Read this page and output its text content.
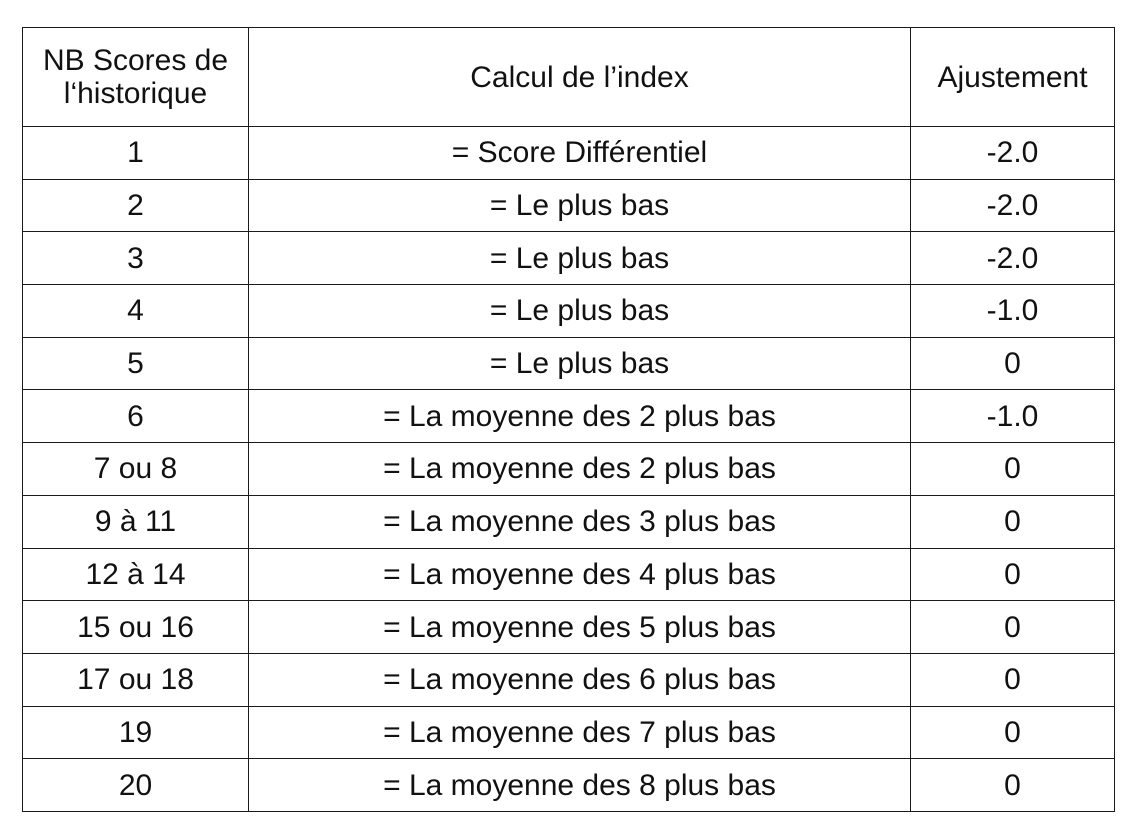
NB Scores de
l‘historique	Calcul de l’index	Ajustement
1	= Score Différentiel	-2.0
2	= Le plus bas	-2.0
3	= Le plus bas	-2.0
4	= Le plus bas	-1.0
5	= Le plus bas	0
6	= La moyenne des 2 plus bas	-1.0
7 ou 8	= La moyenne des 2 plus bas	0
9 à 11	= La moyenne des 3 plus bas	0
12 à 14	= La moyenne des 4 plus bas	0
15 ou 16	= La moyenne des 5 plus bas	0
17 ou 18	= La moyenne des 6 plus bas	0
19	= La moyenne des 7 plus bas	0
20	= La moyenne des 8 plus bas	0
